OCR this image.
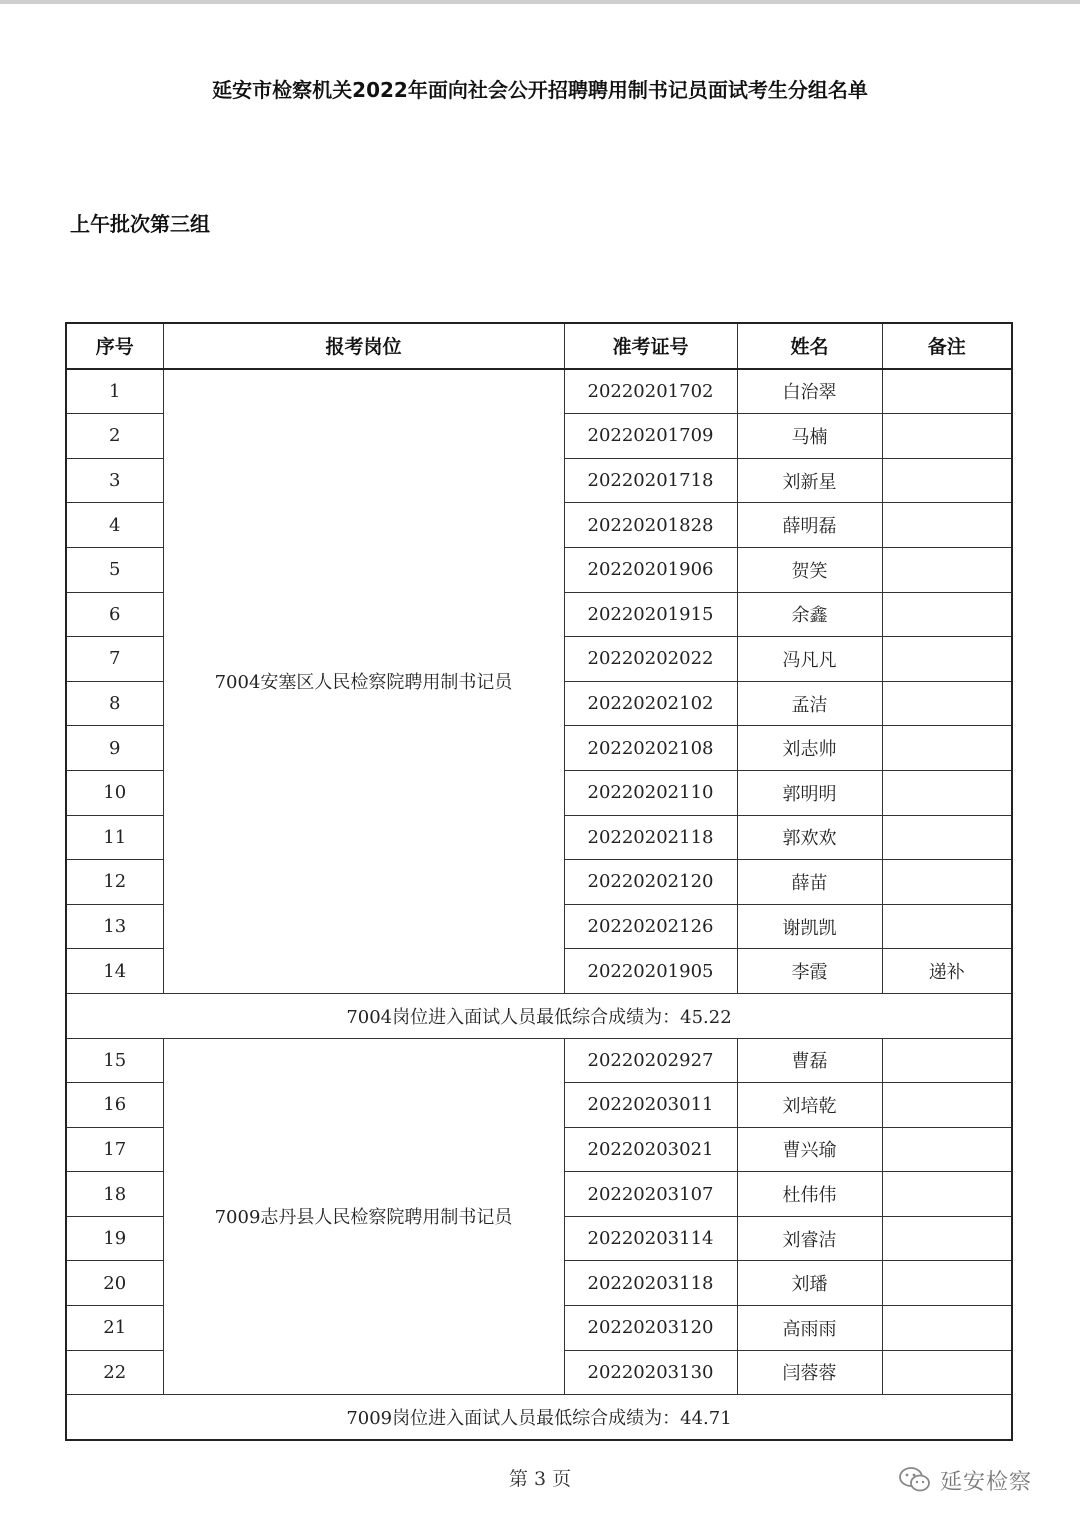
延安市检察机关2022年面向社会公开招聘聘用制书记员面试考生分组名单
上午批次第三组
序号	报考岗位	准考证号	姓名	备注
1	7004安塞区人民检察院聘用制书记员	20220201702	白治翠	
2		20220201709	马楠	
3		20220201718	刘新星	
4		20220201828	薛明磊	
5		20220201906	贺笑	
6		20220201915	余鑫	
7		20220202022	冯凡凡	
8		20220202102	孟洁	
9		20220202108	刘志帅	
10		20220202110	郭明明	
11		20220202118	郭欢欢	
12		20220202120	薛苗	
13		20220202126	谢凯凯	
14		20220201905	李霞	递补
7004岗位进入面试人员最低综合成绩为：45.22				
15	7009志丹县人民检察院聘用制书记员	20220202927	曹磊	
16		20220203011	刘培乾	
17		20220203021	曹兴瑜	
18		20220203107	杜伟伟	
19		20220203114	刘睿洁	
20		20220203118	刘璠	
21		20220203120	高雨雨	
22		20220203130	闫蓉蓉	
7009岗位进入面试人员最低综合成绩为：44.71				
第 3 页	延安检察
